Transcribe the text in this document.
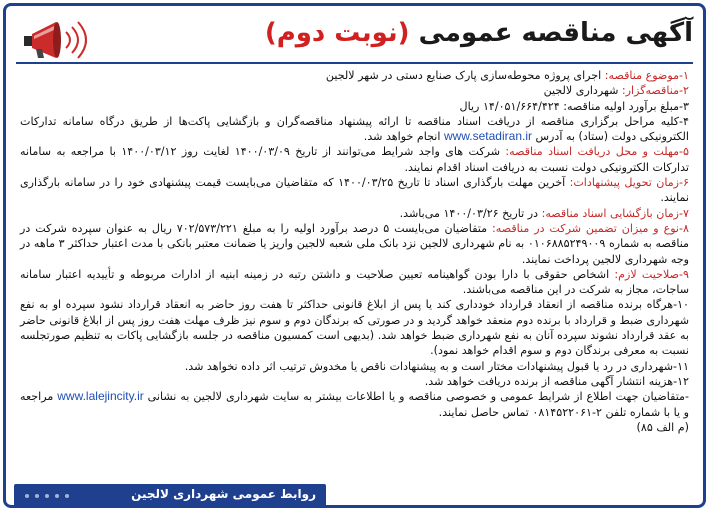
آگهی مناقصه عمومی (نوبت دوم)

۱-موضوع مناقصه: اجرای پروژه محوطه‌سازی پارک صنایع دستی در شهر لالجین

۲-مناقصه‌گزار: شهرداری لالجین

۳-مبلغ برآورد اولیه مناقصه: ۱۴/۰۵۱/۶۶۴/۴۲۴ ریال

۴-کلیه مراحل برگزاری مناقصه از دریافت اسناد مناقصه تا ارائه پیشنهاد مناقصه‌گران و بازگشایی پاکت‌ها از طریق درگاه سامانه تدارکات الکترونیکی دولت (ستاد) به آدرس www.setadiran.ir انجام خواهد شد.

۵-مهلت و محل دریافت اسناد مناقصه: شرکت های واجد شرایط می‌توانند از تاریخ ۱۴۰۰/۰۳/۰۹ لغایت روز ۱۴۰۰/۰۳/۱۲ با مراجعه به سامانه تدارکات الکترونیکی دولت نسبت به دریافت اسناد اقدام نمایند.

۶-زمان تحویل پیشنهادات: آخرین مهلت بارگذاری اسناد تا تاریخ ۱۴۰۰/۰۳/۲۵ که متقاضیان می‌بایست قیمت پیشنهادی خود را در سامانه بارگذاری نمایند.

۷-زمان بازگشایی اسناد مناقصه: در تاریخ ۱۴۰۰/۰۳/۲۶ می‌باشد.

۸-نوع و میزان تضمین شرکت در مناقصه: متقاضیان می‌بایست ۵ درصد برآورد اولیه را به مبلغ ۷۰۲/۵۷۳/۲۲۱ ریال به عنوان سپرده شرکت در مناقصه به شماره ۰۱۰۶۸۸۵۲۴۹۰۰۹ به نام شهرداری لالجین نزد بانک ملی شعبه لالجین واریز یا ضمانت معتبر بانکی با مدت اعتبار حداکثر ۳ ماهه در وجه شهرداری لالجین پرداخت نمایند.

۹-صلاحیت لازم: اشخاص حقوقی با دارا بودن گواهینامه تعیین صلاحیت و داشتن رتبه در زمینه ابنیه از ادارات مربوطه و تأییدیه اعتبار سامانه ساجات، مجاز به شرکت در این مناقصه می‌باشند.

۱۰-هرگاه برنده مناقصه از انعقاد قرارداد خودداری کند یا پس از ابلاغ قانونی حداکثر تا هفت روز حاضر به انعقاد قرارداد نشود سپرده او به نفع شهرداری ضبط و قرارداد با برنده دوم منعقد خواهد گردید و در صورتی که برندگان دوم و سوم نیز ظرف مهلت هفت روز پس از ابلاغ قانونی حاضر به عقد قرارداد نشوند سپرده آنان به نفع شهرداری ضبط خواهد شد. (بدیهی است کمسیون مناقصه در جلسه بازگشایی پاکات به تنظیم صورتجلسه نسبت به معرفی برندگان دوم و سوم اقدام خواهد نمود).

۱۱-شهرداری در رد یا قبول پیشنهادات مختار است و به پیشنهادات ناقص یا مخدوش ترتیب اثر داده نخواهد شد.

۱۲-هزینه انتشار آگهی مناقصه از برنده دریافت خواهد شد.

-متقاضیان جهت اطلاع از شرایط عمومی و خصوصی مناقصه و یا اطلاعات بیشتر به سایت شهرداری لالجین به نشانی www.lalejincity.ir مراجعه و یا با شماره تلفن ۲-۰۸۱۴۵۲۲۰۶۱ تماس حاصل نمایند.

(م الف ۸۵)

روابط عمومی شهرداری لالجین
